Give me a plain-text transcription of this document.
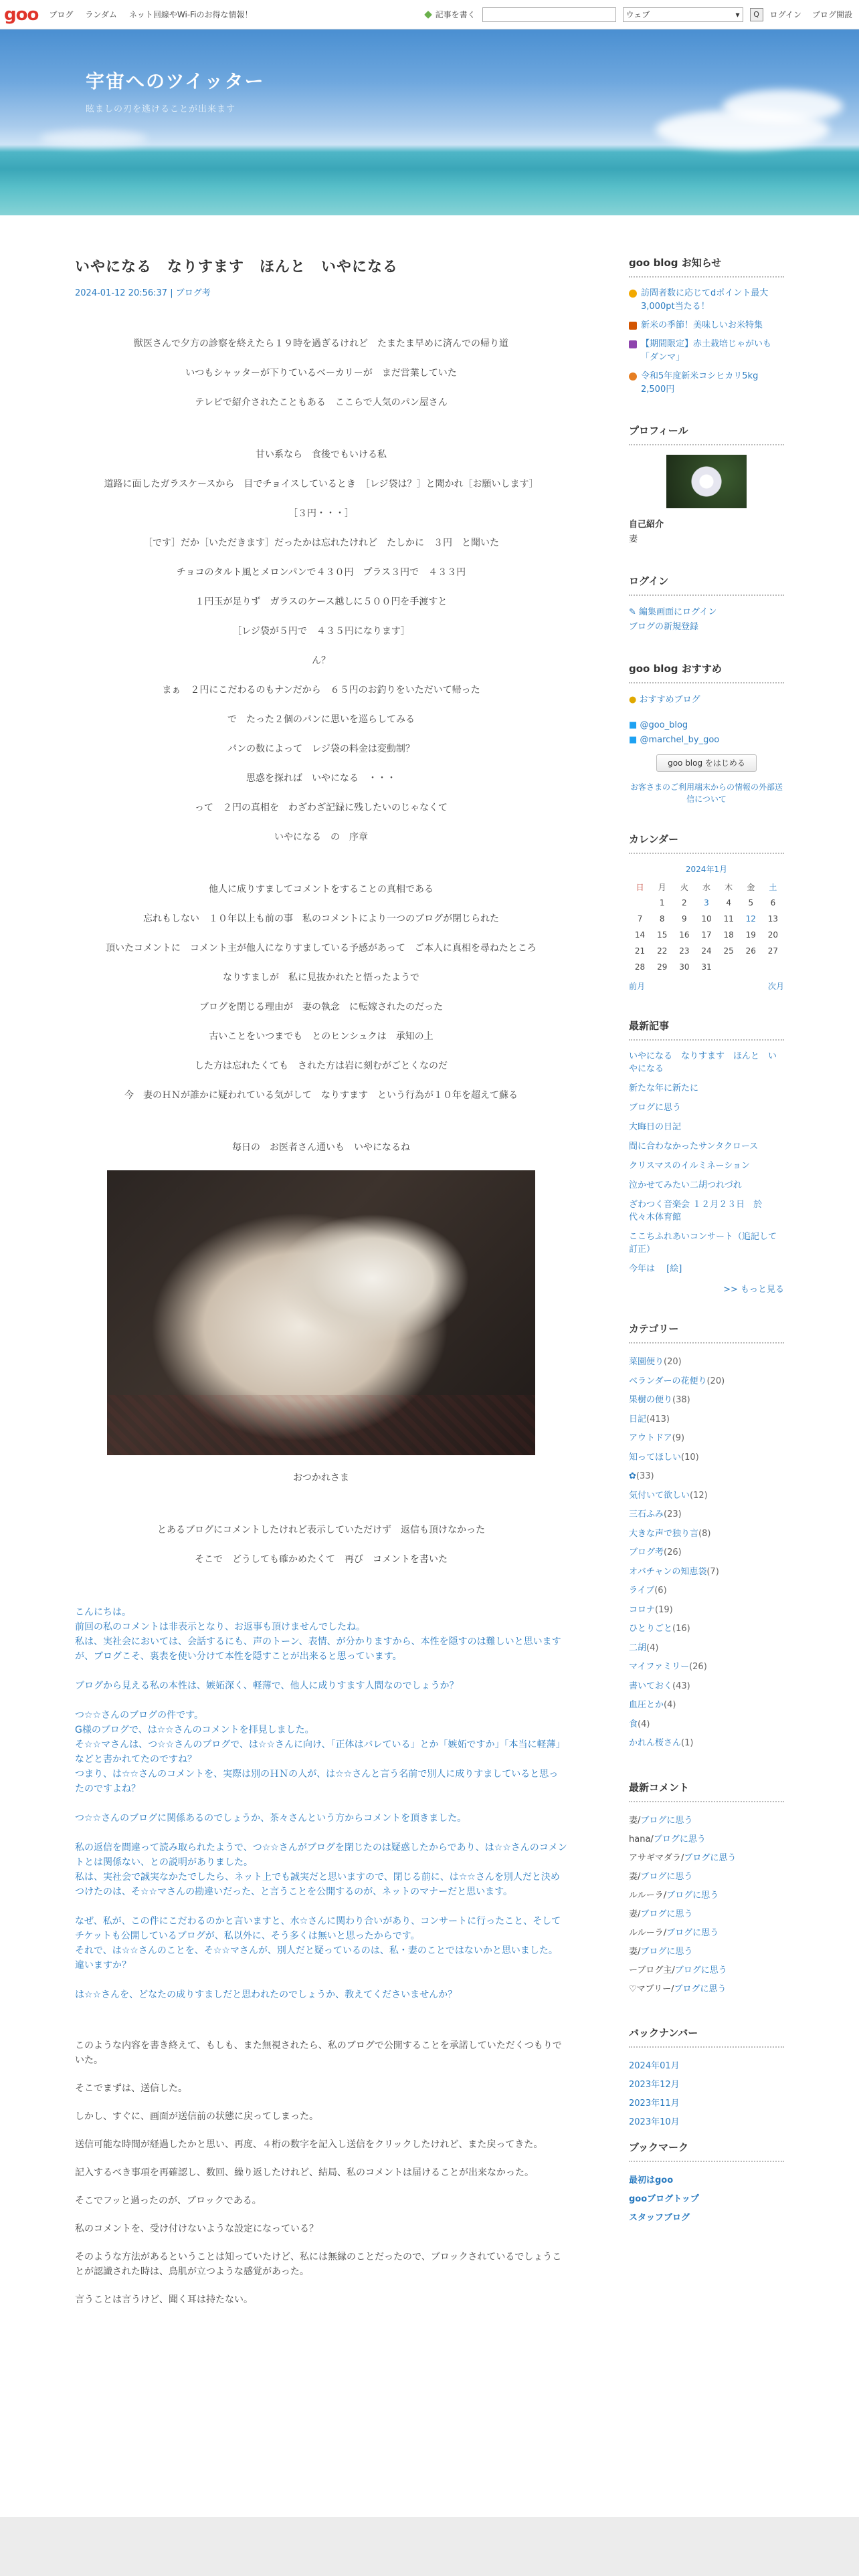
goo ブログ ランダム ネット回線やWi-Fiのお得な情報！	記事を書く	ウェブ	▾ Q ログイン ブログ開設
宇宙へのツイッター
眩ましの刃を逃けることが出来ます
いやになる　なりすます　ほんと　いやになる
2024-01-12 20:56:37 | ブログ考

獣医さんで夕方の診察を終えたら１９時を過ぎるけれど　たまたま早めに済んでの帰り道

いつもシャッターが下りているベーカリーが　まだ営業していた

テレビで紹介されたこともある　ここらで人気のパン屋さん

甘い系なら　食後でもいける私

道路に面したガラスケースから　目でチョイスしているとき　［レジ袋は？］と聞かれ［お願いします］

［３円・・・］

［です］だか［いただきます］だったかは忘れたけれど　たしかに　３円　と聞いた

チョコのタルト風とメロンパンで４３０円　プラス３円で　４３３円

１円玉が足りず　ガラスのケース越しに５００円を手渡すと

［レジ袋が５円で　４３５円になります］

ん？

まぁ　２円にこだわるのもナンだから　６５円のお釣りをいただいて帰った

で　たった２個のパンに思いを巡らしてみる

パンの数によって　レジ袋の料金は変動制？

思惑を探れば　いやになる　・・・

って　２円の真相を　わざわざ記録に残したいのじゃなくて

いやになる　の　序章

他人に成りすましてコメントをすることの真相である

忘れもしない　１０年以上も前の事　私のコメントにより一つのブログが閉じられた

頂いたコメントに　コメント主が他人になりすましている予感があって　ご本人に真相を尋ねたところ

なりすましが　私に見抜かれたと悟ったようで

ブログを閉じる理由が　妻の執念　に転嫁されたのだった

古いことをいつまでも　とのヒンシュクは　承知の上

した方は忘れたくても　された方は岩に刻むがごとくなのだ

今　妻のＨＮが誰かに疑われている気がして　なりすます　という行為が１０年を超えて蘇る

毎日の　お医者さん通いも　いやになるね

おつかれさま

とあるブログにコメントしたけれど表示していただけず　返信も頂けなかった

そこで　どうしても確かめたくて　再び　コメントを書いた

こんにちは。

前回の私のコメントは非表示となり、お返事も頂けませんでしたね。

私は、実社会においては、会話するにも、声のトーン、表情、が分かりますから、本性を隠すのは難しいと思いますが、ブログこそ、裏表を使い分けて本性を隠すことが出来ると思っています。

ブログから見える私の本性は、嫉妬深く、軽薄で、他人に成りすます人間なのでしょうか？

つ☆☆さんのブログの件です。

G様のブログで、は☆☆さんのコメントを拝見しました。

そ☆☆マさんは、つ☆☆さんのブログで、は☆☆さんに向け、「正体はバレている」とか「嫉妬ですか」「本当に軽薄」などと書かれてたのですね？

つまり、は☆☆さんのコメントを、実際は別のＨＮの人が、は☆☆さんと言う名前で別人に成りすましていると思ったのですよね？

つ☆☆さんのブログに関係あるのでしょうか、茶々さんという方からコメントを頂きました。

私の返信を間違って読み取られたようで、つ☆☆さんがブログを閉じたのは疑惑したからであり、は☆☆さんのコメントとは関係ない、との説明がありました。

私は、実社会で誠実なかたでしたら、ネット上でも誠実だと思いますので、閉じる前に、は☆☆さんを別人だと決めつけたのは、そ☆☆マさんの勘違いだった、と言うことを公開するのが、ネットのマナーだと思います。

なぜ、私が、この件にこだわるのかと言いますと、水☆さんに関わり合いがあり、コンサートに行ったこと、そしてチケットも公開しているブログが、私以外に、そう多くは無いと思ったからです。

それで、は☆☆さんのことを、そ☆☆マさんが、別人だと疑っているのは、私・妻のことではないかと思いました。

違いますか？

は☆☆さんを、どなたの成りすましだと思われたのでしょうか、教えてくださいませんか？

このような内容を書き終えて、もしも、また無視されたら、私のブログで公開することを承諾していただくつもりでいた。

そこでまずは、送信した。

しかし、すぐに、画面が送信前の状態に戻ってしまった。

送信可能な時間が経過したかと思い、再度、４桁の数字を記入し送信をクリックしたけれど、また戻ってきた。

記入するべき事項を再確認し、数回、繰り返したけれど、結局、私のコメントは届けることが出来なかった。

そこでフッと過ったのが、ブロックである。

私のコメントを、受け付けないような設定になっている？

そのような方法があるということは知っていたけど、私には無縁のことだったので、ブロックされているでしょうことが認識された時は、鳥肌が立つような感覚があった。

言うことは言うけど、聞く耳は持たない。

goo blog お知らせ
訪問者数に応じてdポイント最大3,000pt当たる！
新米の季節！美味しいお米特集
【期間限定】赤土栽培じゃがいも「ダンマ」
令和5年度新米コシヒカリ5kg 2,500円
プロフィール
自己紹介
妻
ログイン
✎ 編集画面にログイン
ブログの新規登録
goo blog おすすめ
● おすすめブログ
■ @goo_blog
■ @marchel_by_goo
goo blog をはじめる
お客さまのご利用端末からの情報の外部送信について
カレンダー
2024年1月
日	月	火	水	木	金	土
	1	2	3	4	5	6
7	8	9	10	11	12	13
14	15	16	17	18	19	20
21	22	23	24	25	26	27
28	29	30	31			
前月	次月
最新記事
いやになる　なりすます　ほんと　いやになる
新たな年に新たに
ブログに思う
大晦日の日記
間に合わなかったサンタクロース
クリスマスのイルミネーション
泣かせてみたい二胡つれづれ
ざわつく音楽会 １２月２３日　於　代々木体育館
ここちふれあいコンサート（追記して訂正）
今年は　 [絵]
>> もっと見る
カテゴリー
菜園便り(20)
ベランダーの花便り(20)
果樹の便り(38)
日記(413)
アウトドア(9)
知ってほしい(10)
✿(33)
気付いて欲しい(12)
三石ふみ(23)
大きな声で独り言(8)
ブログ考(26)
オバチャンの知恵袋(7)
ライブ(6)
コロナ(19)
ひとりごと(16)
二胡(4)
マイファミリー(26)
書いておく(43)
血圧とか(4)
食(4)
かれん桜さん(1)
最新コメント
妻/ブログに思う
hana/ブログに思う
アサギマダラ/ブログに思う
妻/ブログに思う
ルルーラ/ブログに思う
妻/ブログに思う
ルルーラ/ブログに思う
妻/ブログに思う
ーブログ主/ブログに思う
♡マブリー/ブログに思う
バックナンバー
2024年01月
2023年12月
2023年11月
2023年10月
ブックマーク
最初はgoo
gooブログトップ
スタッフブログ
